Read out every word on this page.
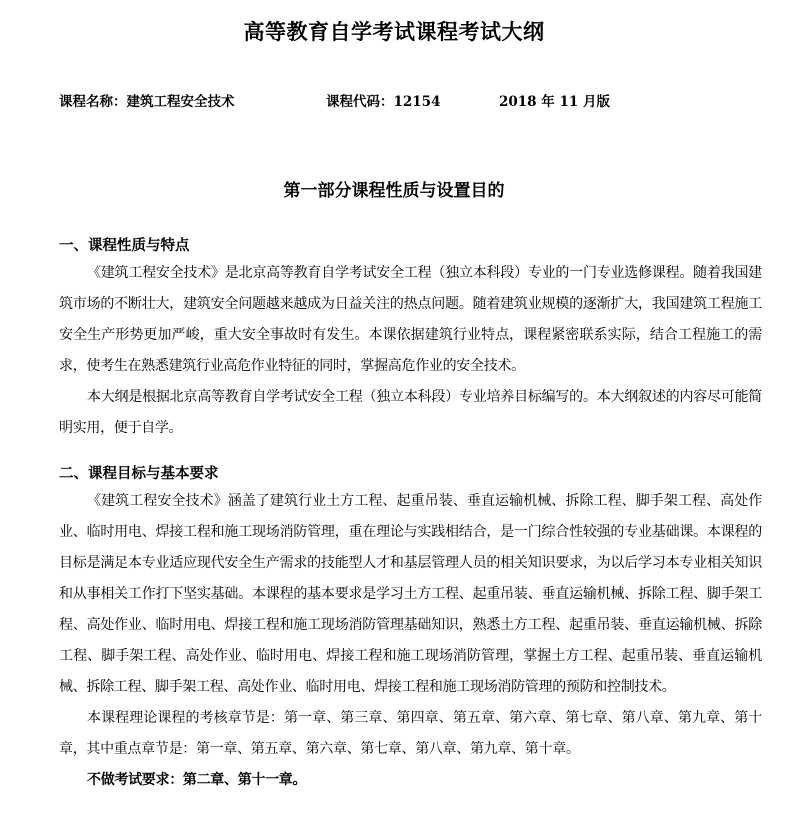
高等教育自学考试课程考试大纲
课程名称：建筑工程安全技术	课程代码：12154	2018 年 11 月版
第一部分课程性质与设置目的
一、课程性质与特点
《建筑工程安全技术》是北京高等教育自学考试安全工程（独立本科段）专业的一门专业选修课程。随着我国建筑市场的不断壮大，建筑安全问题越来越成为日益关注的热点问题。随着建筑业规模的逐渐扩大，我国建筑工程施工安全生产形势更加严峻，重大安全事故时有发生。本课依据建筑行业特点，课程紧密联系实际，结合工程施工的需求，使考生在熟悉建筑行业高危作业特征的同时，掌握高危作业的安全技术。
本大纲是根据北京高等教育自学考试安全工程（独立本科段）专业培养目标编写的。本大纲叙述的内容尽可能简明实用，便于自学。
二、课程目标与基本要求
《建筑工程安全技术》涵盖了建筑行业土方工程、起重吊装、垂直运输机械、拆除工程、脚手架工程、高处作业、临时用电、焊接工程和施工现场消防管理，重在理论与实践相结合，是一门综合性较强的专业基础课。本课程的目标是满足本专业适应现代安全生产需求的技能型人才和基层管理人员的相关知识要求，为以后学习本专业相关知识和从事相关工作打下坚实基础。本课程的基本要求是学习土方工程、起重吊装、垂直运输机械、拆除工程、脚手架工程、高处作业、临时用电、焊接工程和施工现场消防管理基础知识，熟悉土方工程、起重吊装、垂直运输机械、拆除工程、脚手架工程、高处作业、临时用电、焊接工程和施工现场消防管理，掌握土方工程、起重吊装、垂直运输机械、拆除工程、脚手架工程、高处作业、临时用电、焊接工程和施工现场消防管理的预防和控制技术。
本课程理论课程的考核章节是：第一章、第三章、第四章、第五章、第六章、第七章、第八章、第九章、第十章，其中重点章节是：第一章、第五章、第六章、第七章、第八章、第九章、第十章。
不做考试要求：第二章、第十一章。
